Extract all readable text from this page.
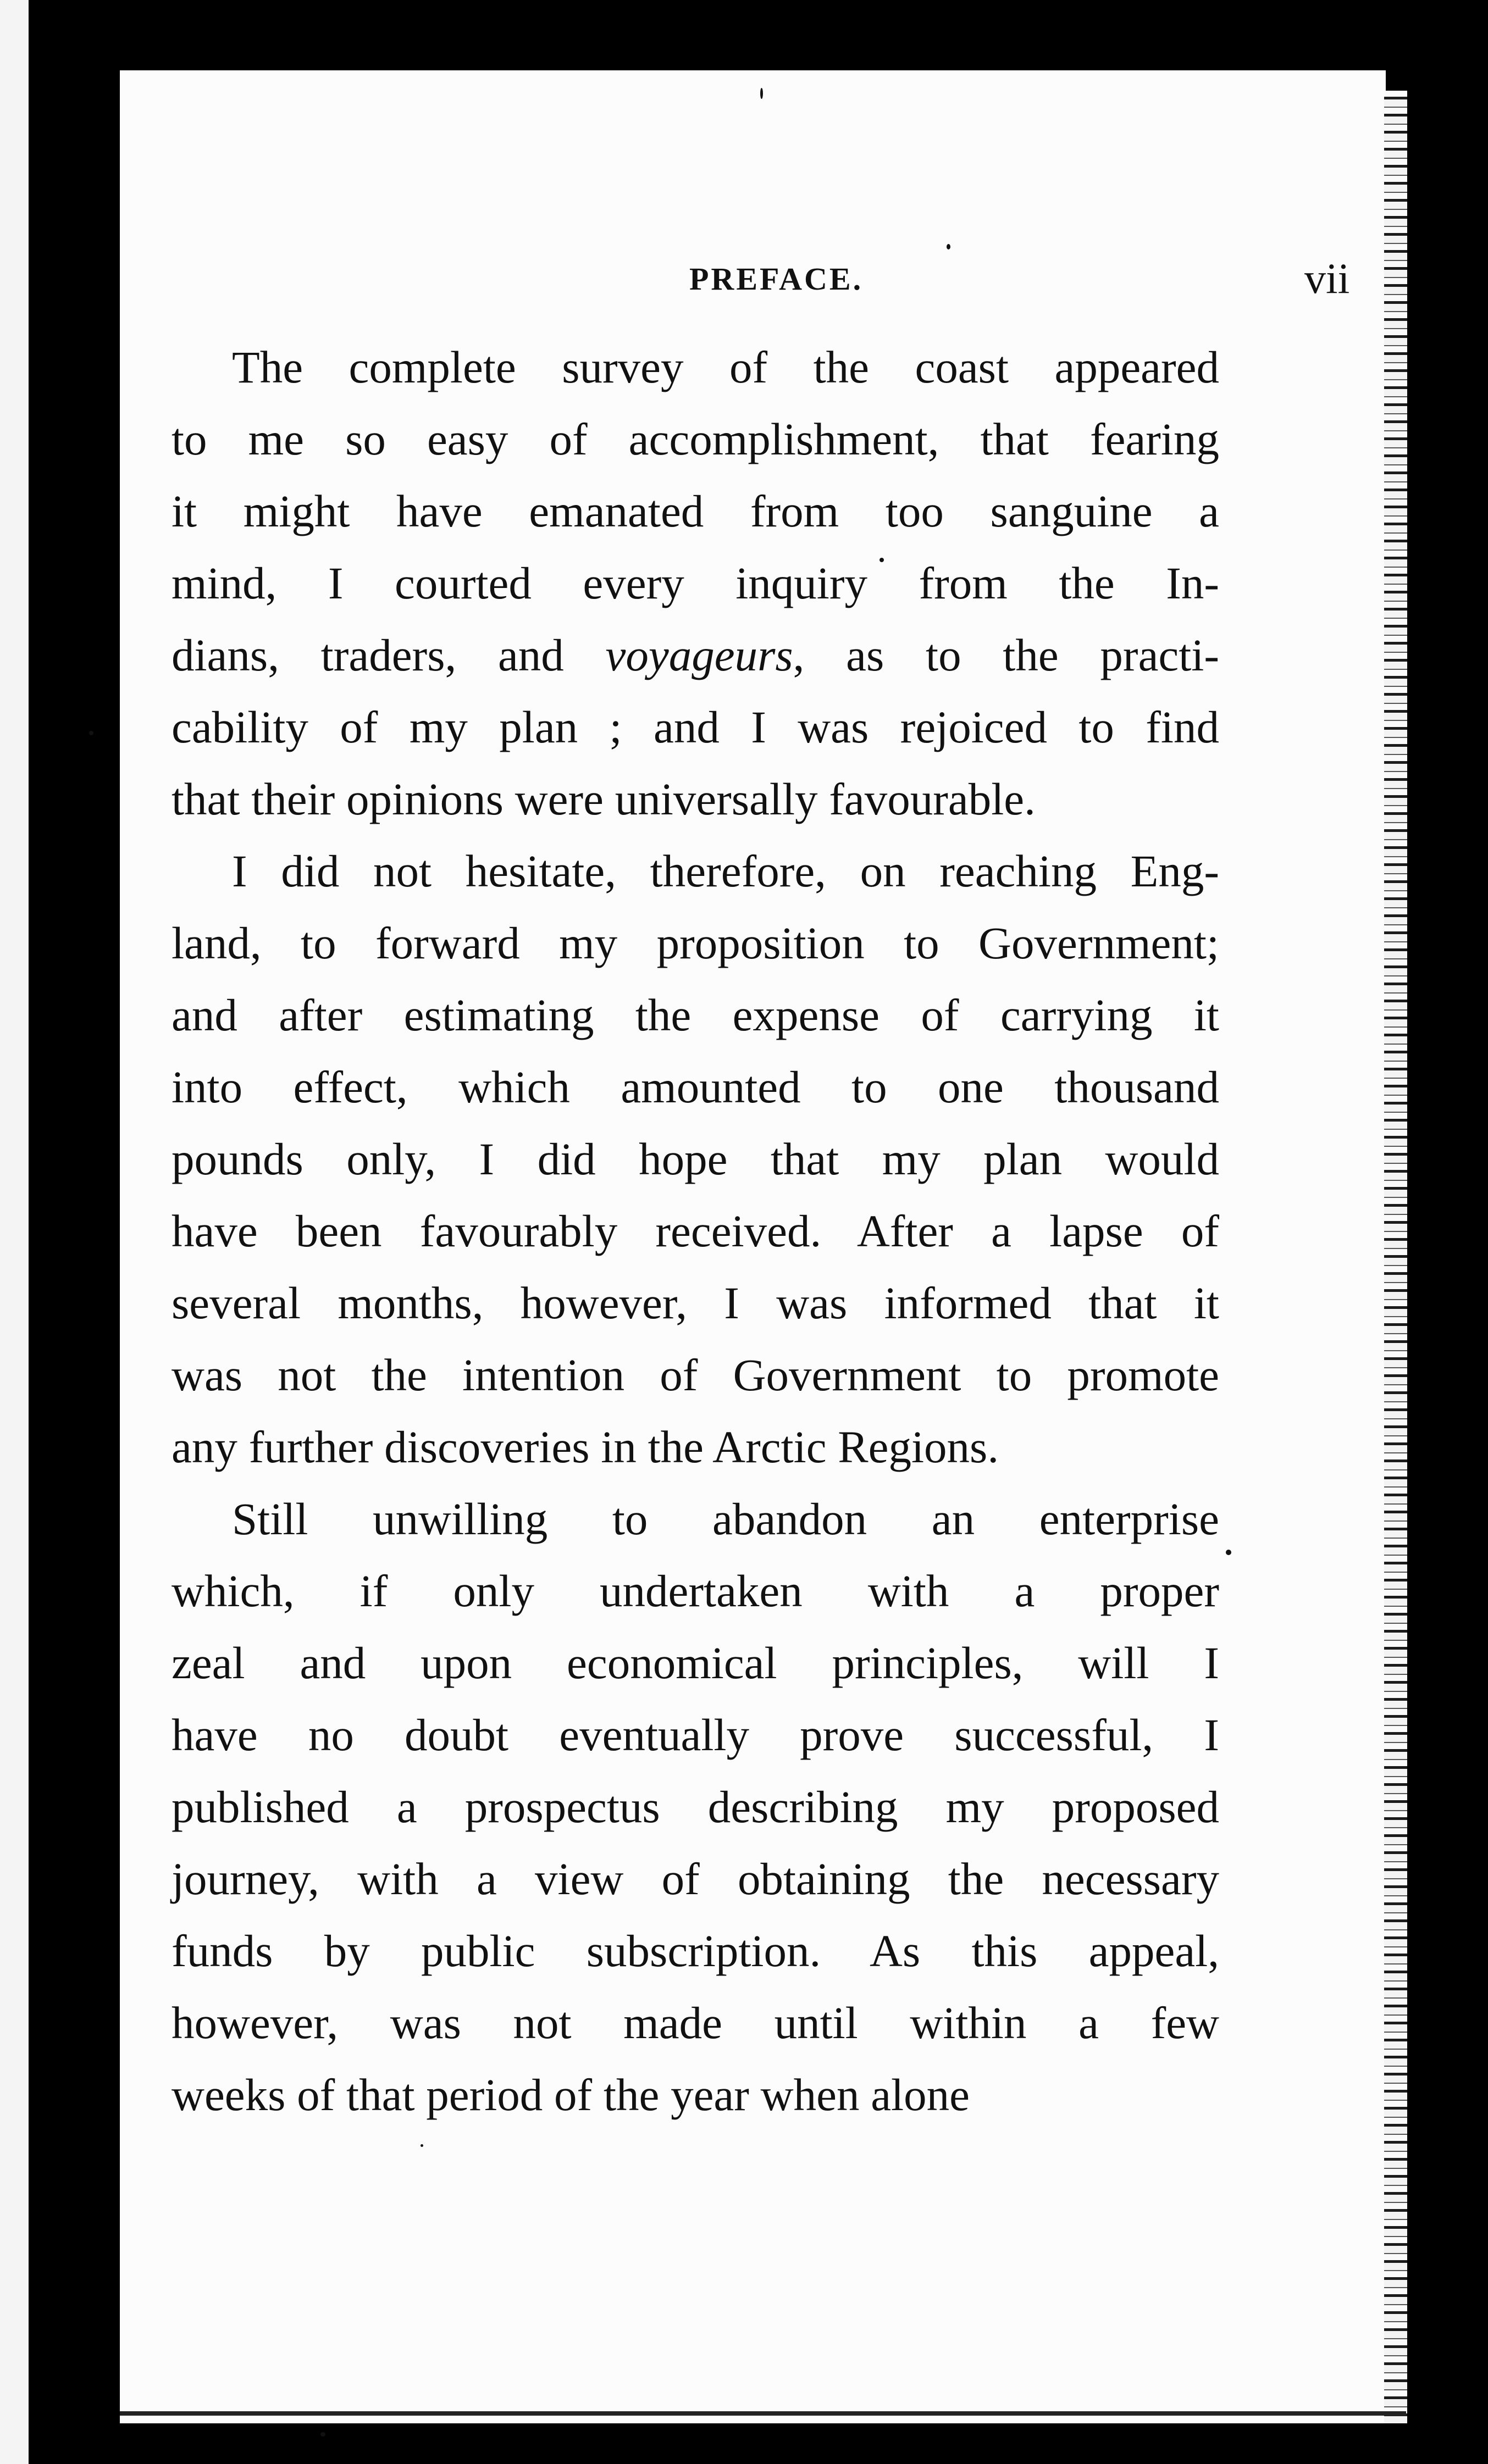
PREFACE.	vii

The complete survey of the coast appeared
to me so easy of accomplishment, that fearing
it might have emanated from too sanguine a
mind, I courted every inquiry from the In-
dians, traders, and voyageurs, as to the practi-
cability of my plan ; and I was rejoiced to find
that their opinions were universally favourable.

I did not hesitate, therefore, on reaching Eng-
land, to forward my proposition to Government;
and after estimating the expense of carrying it
into effect, which amounted to one thousand
pounds only, I did hope that my plan would
have been favourably received. After a lapse of
several months, however, I was informed that it
was not the intention of Government to promote
any further discoveries in the Arctic Regions.

Still unwilling to abandon an enterprise
which, if only undertaken with a proper
zeal and upon economical principles, will I
have no doubt eventually prove successful, I
published a prospectus describing my proposed
journey, with a view of obtaining the necessary
funds by public subscription. As this appeal,
however, was not made until within a few
weeks of that period of the year when alone
